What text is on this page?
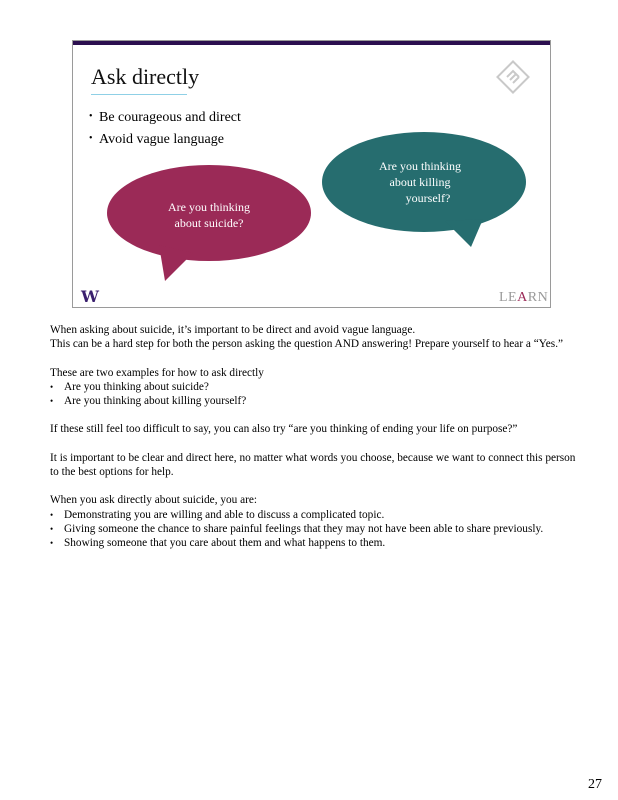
Ask directly
• Be courageous and direct
• Avoid vague language
Are you thinking
about suicide?
Are you thinking
about killing
yourself?
W	LEARN

When asking about suicide, it’s important to be direct and avoid vague language.

This can be a hard step for both the person asking the question AND answering! Prepare yourself to hear a “Yes.”

These are two examples for how to ask directly

• Are you thinking about suicide?
• Are you thinking about killing yourself?

If these still feel too difficult to say, you can also try “are you thinking of ending your life on purpose?”

It is important to be clear and direct here, no matter what words you choose, because we want to connect this person to the best options for help.

When you ask directly about suicide, you are:

• Demonstrating you are willing and able to discuss a complicated topic.
• Giving someone the chance to share painful feelings that they may not have been able to share previously.
• Showing someone that you care about them and what happens to them.
27
